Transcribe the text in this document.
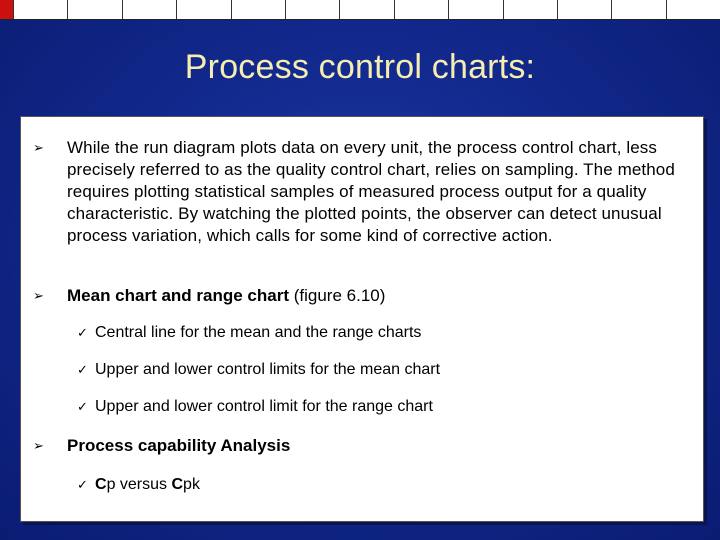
Process control charts:
➢ While the run diagram plots data on every unit, the process control chart, less precisely referred to as the quality control chart, relies on sampling. The method requires plotting statistical samples of measured process output for a quality characteristic. By watching the plotted points, the observer can detect unusual process variation, which calls for some kind of corrective action.
➢ Mean chart and range chart (figure 6.10)
✓ Central line for the mean and the range charts
✓ Upper and lower control limits for the mean chart
✓ Upper and lower control limit for the range chart
➢ Process capability Analysis
✓ Cp versus Cpk
